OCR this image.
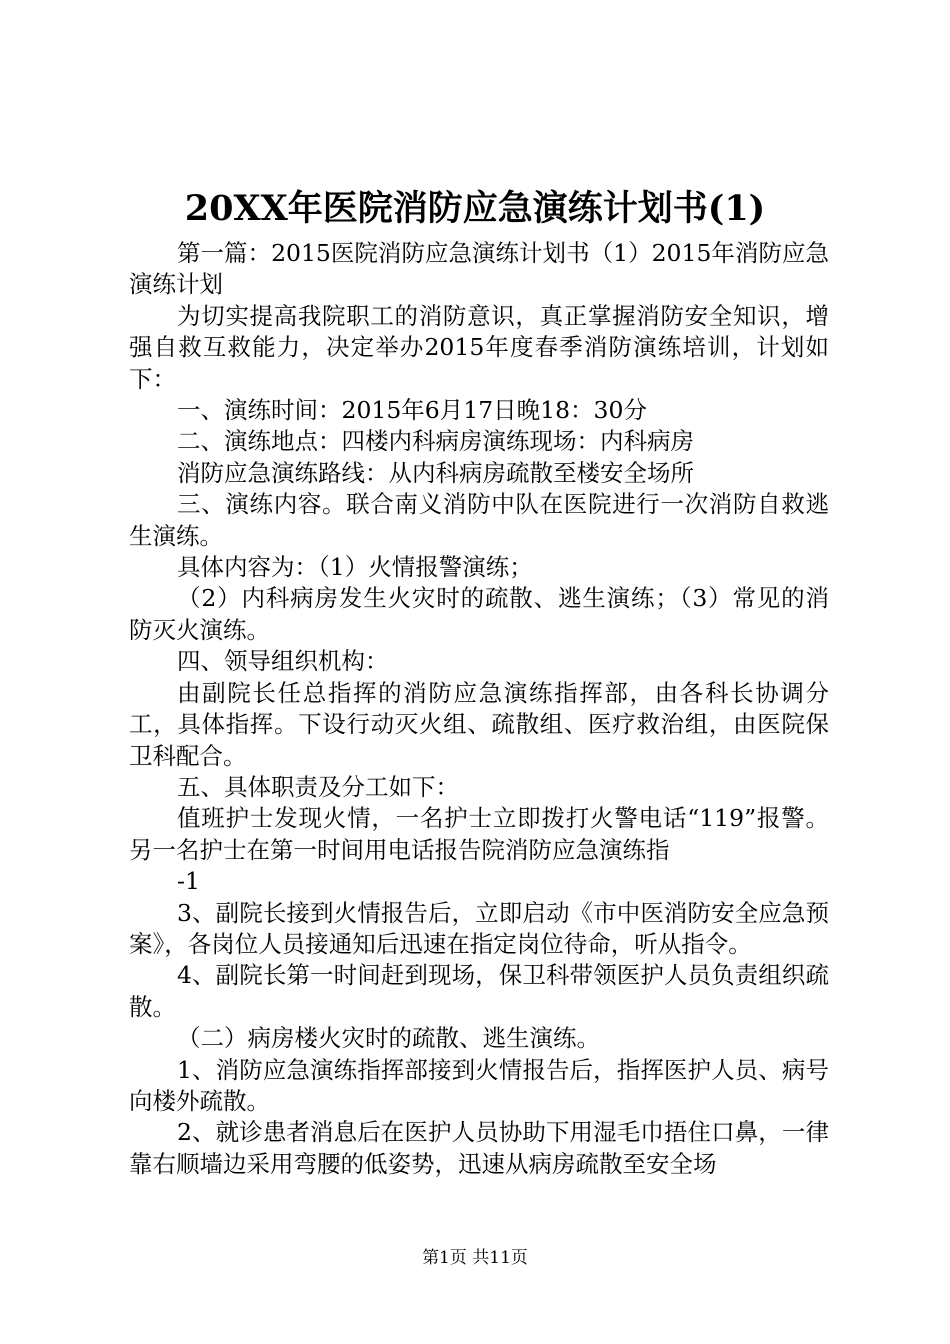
20XX年医院消防应急演练计划书(1)

第一篇：2015医院消防应急演练计划书（1）2015年消防应急演练计划

为切实提高我院职工的消防意识，真正掌握消防安全知识，增强自救互救能力，决定举办2015年度春季消防演练培训，计划如下：

一、演练时间：2015年6月17日晚18：30分

二、演练地点：四楼内科病房演练现场：内科病房

消防应急演练路线：从内科病房疏散至楼安全场所

三、演练内容。联合南义消防中队在医院进行一次消防自救逃生演练。

具体内容为：（1）火情报警演练；

（2）内科病房发生火灾时的疏散、逃生演练；（3）常见的消防灭火演练。

四、领导组织机构：

由副院长任总指挥的消防应急演练指挥部，由各科长协调分工，具体指挥。下设行动灭火组、疏散组、医疗救治组，由医院保卫科配合。

五、具体职责及分工如下：

值班护士发现火情，一名护士立即拨打火警电话“119”报警。另一名护士在第一时间用电话报告院消防应急演练指

-1

3、副院长接到火情报告后，立即启动《市中医消防安全应急预案》，各岗位人员接通知后迅速在指定岗位待命，听从指令。

4、副院长第一时间赶到现场，保卫科带领医护人员负责组织疏散。

（二）病房楼火灾时的疏散、逃生演练。

1、消防应急演练指挥部接到火情报告后，指挥医护人员、病号向楼外疏散。

2、就诊患者消息后在医护人员协助下用湿毛巾捂住口鼻，一律靠右顺墙边采用弯腰的低姿势，迅速从病房疏散至安全场

第1页 共11页
